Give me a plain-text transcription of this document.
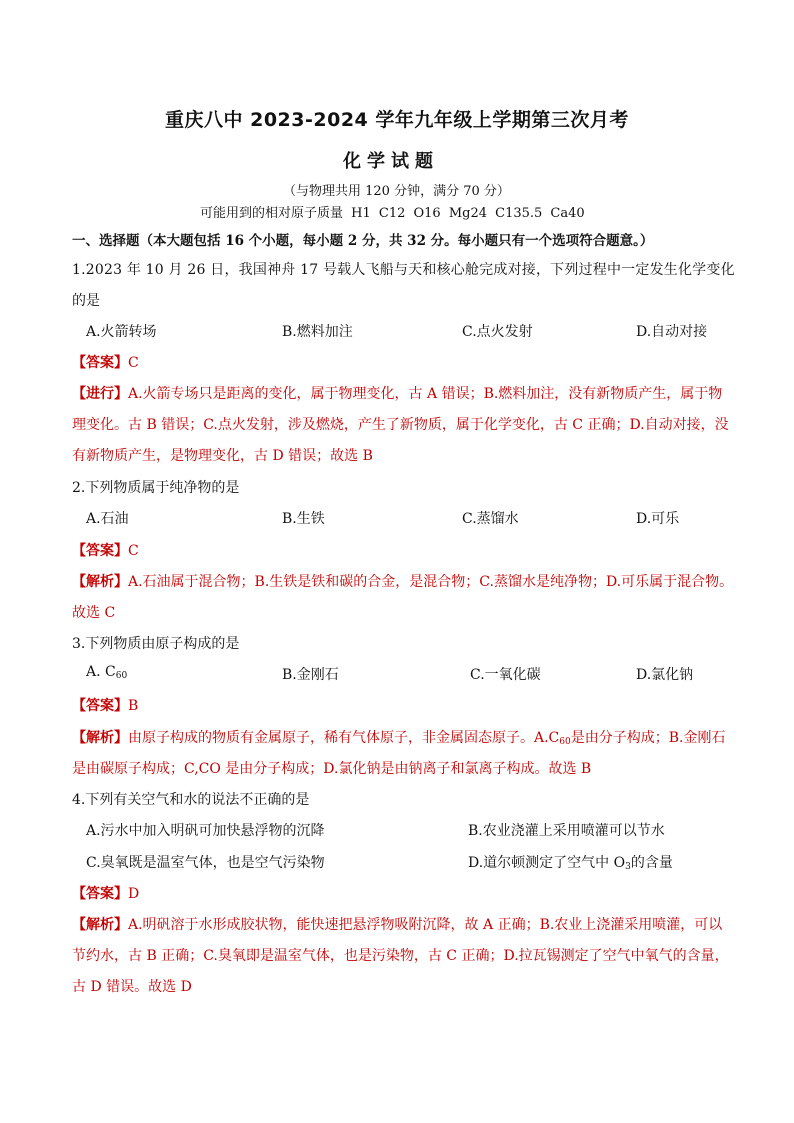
重庆八中 2023-2024 学年九年级上学期第三次月考
化学试题
（与物理共用 120 分钟，满分 70 分）
可能用到的相对原子质量 H1 C12 O16 Mg24 C135.5 Ca40
一、选择题（本大题包括 16 个小题，每小题 2 分，共 32 分。每小题只有一个选项符合题意。）
1.2023 年 10 月 26 日，我国神舟 17 号载人飞船与天和核心舱完成对接，下列过程中一定发生化学变化
的是
A.火箭转场	B.燃料加注	C.点火发射	D.自动对接
【答案】C
【进行】A.火箭专场只是距离的变化，属于物理变化，古 A 错误；B.燃料加注，没有新物质产生，属于物
理变化。古 B 错误；C.点火发射，涉及燃烧，产生了新物质，属于化学变化，古 C 正确；D.自动对接，没
有新物质产生，是物理变化，古 D 错误；故选 B
2.下列物质属于纯净物的是
A.石油	B.生铁	C.蒸馏水	D.可乐
【答案】C
【解析】A.石油属于混合物；B.生铁是铁和碳的合金，是混合物；C.蒸馏水是纯净物；D.可乐属于混合物。
故选 C
3.下列物质由原子构成的是
A. $C_{60}$	B.金刚石	C.一氧化碳	D.氯化钠
【答案】B
【解析】由原子构成的物质有金属原子，稀有气体原子，非金属固态原子。$A.C_{60}$是由分子构成；B.金刚石
是由碳原子构成；C,CO 是由分子构成；D.氯化钠是由钠离子和氯离子构成。故选 B
4.下列有关空气和水的说法不正确的是
A.污水中加入明矾可加快悬浮物的沉降	B.农业浇灌上采用喷灌可以节水
C.臭氧既是温室气体，也是空气污染物	D.道尔顿测定了空气中 $O_3$的含量
【答案】D
【解析】A.明矾溶于水形成胶状物，能快速把悬浮物吸附沉降，故 A 正确；B.农业上浇灌采用喷灌，可以
节约水，古 B 正确；C.臭氧即是温室气体，也是污染物，古 C 正确；D.拉瓦锡测定了空气中氧气的含量，
古 D 错误。故选 D
